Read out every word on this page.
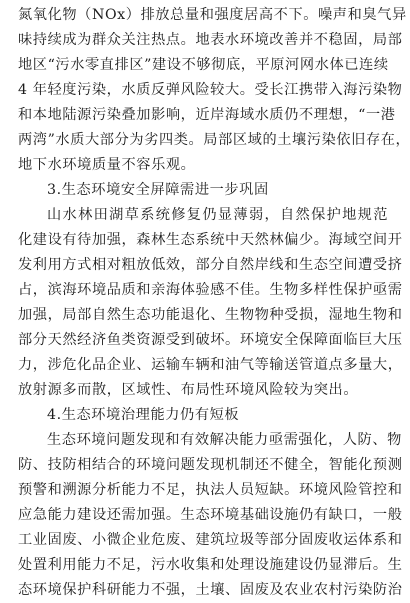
氮氧化物（NOx）排放总量和强度居高不下。噪声和臭气异
味持续成为群众关注热点。地表水环境改善并不稳固，局部
地区“污水零直排区”建设不够彻底，平原河网水体已连续
4 年轻度污染，水质反弹风险较大。受长江携带入海污染物
和本地陆源污染叠加影响，近岸海域水质仍不理想，“一港
两湾”水质大部分为劣四类。局部区域的土壤污染依旧存在，
地下水环境质量不容乐观。
3.生态环境安全屏障需进一步巩固
山水林田湖草系统修复仍显薄弱，自然保护地规范
化建设有待加强，森林生态系统中天然林偏少。海域空间开
发利用方式相对粗放低效，部分自然岸线和生态空间遭受挤
占，滨海环境品质和亲海体验感不佳。生物多样性保护亟需
加强，局部自然生态功能退化、生物物种受损，湿地生物和
部分天然经济鱼类资源受到破坏。环境安全保障面临巨大压
力，涉危化品企业、运输车辆和油气等输送管道点多量大，
放射源多而散，区域性、布局性环境风险较为突出。
4.生态环境治理能力仍有短板
生态环境问题发现和有效解决能力亟需强化，人防、物
防、技防相结合的环境问题发现机制还不健全，智能化预测
预警和溯源分析能力不足，执法人员短缺。环境风险管控和
应急能力建设还需加强。生态环境基础设施仍有缺口，一般
工业固废、小微企业危废、建筑垃圾等部分固废收运体系和
处置利用能力不足，污水收集和处理设施建设仍显滞后。生
态环境保护科研能力不强，土壤、固废及农业农村污染防治
